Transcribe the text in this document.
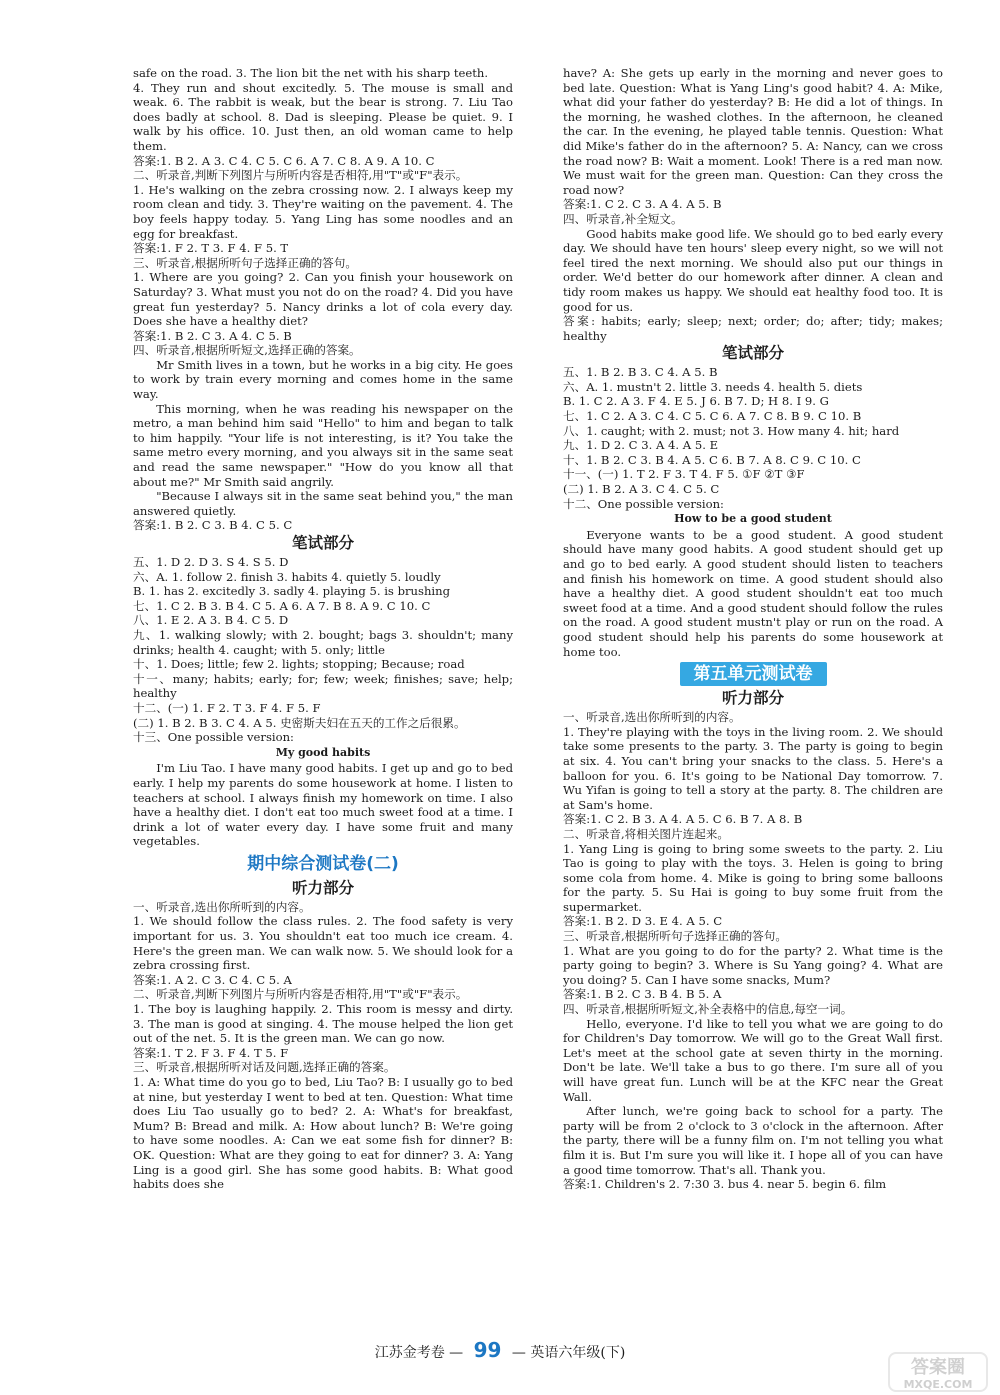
safe on the road. 3. The lion bit the net with his sharp teeth.
4. They run and shout excitedly. 5. The mouse is small and weak. 6. The rabbit is weak, but the bear is strong. 7. Liu Tao does badly at school. 8. Dad is sleeping. Please be quiet. 9. I walk by his office. 10. Just then, an old woman came to help them.
答案:1. B 2. A 3. C 4. C 5. C 6. A 7. C 8. A 9. A 10. C
二、听录音,判断下列图片与所听内容是否相符,用"T"或"F"表示。
1. He's walking on the zebra crossing now. 2. I always keep my room clean and tidy. 3. They're waiting on the pavement. 4. The boy feels happy today. 5. Yang Ling has some noodles and an egg for breakfast.
答案:1. F 2. T 3. F 4. F 5. T
三、听录音,根据所听句子选择正确的答句。
1. Where are you going? 2. Can you finish your housework on Saturday? 3. What must you not do on the road? 4. Did you have great fun yesterday? 5. Nancy drinks a lot of cola every day. Does she have a healthy diet?
答案:1. B 2. C 3. A 4. C 5. B
四、听录音,根据所听短文,选择正确的答案。
Mr Smith lives in a town, but he works in a big city. He goes to work by train every morning and comes home in the same way.
This morning, when he was reading his newspaper on the metro, a man behind him said "Hello" to him and began to talk to him happily. "Your life is not interesting, is it? You take the same metro every morning, and you always sit in the same seat and read the same newspaper." "How do you know all that about me?" Mr Smith said angrily.
"Because I always sit in the same seat behind you," the man answered quietly.
答案:1. B 2. C 3. B 4. C 5. C
笔试部分
五、1. D 2. D 3. S 4. S 5. D
六、A. 1. follow 2. finish 3. habits 4. quietly 5. loudly
B. 1. has 2. excitedly 3. sadly 4. playing 5. is brushing
七、1. C 2. B 3. B 4. C 5. A 6. A 7. B 8. A 9. C 10. C
八、1. E 2. A 3. B 4. C 5. D
九、1. walking slowly; with 2. bought; bags 3. shouldn't; many drinks; health 4. caught; with 5. only; little
十、1. Does; little; few 2. lights; stopping; Because; road
十一、many; habits; early; for; few; week; finishes; save; help; healthy
十二、(一) 1. F 2. T 3. F 4. F 5. F
(二) 1. B 2. B 3. C 4. A 5. 史密斯夫妇在五天的工作之后很累。
十三、One possible version:
My good habits
I'm Liu Tao. I have many good habits. I get up and go to bed early. I help my parents do some housework at home. I listen to teachers at school. I always finish my homework on time. I also have a healthy diet. I don't eat too much sweet food at a time. I drink a lot of water every day. I have some fruit and many vegetables.
期中综合测试卷(二)
听力部分
一、听录音,选出你所听到的内容。
1. We should follow the class rules. 2. The food safety is very important for us. 3. You shouldn't eat too much ice cream. 4. Here's the green man. We can walk now. 5. We should look for a zebra crossing first.
答案:1. A 2. C 3. C 4. C 5. A
二、听录音,判断下列图片与所听内容是否相符,用"T"或"F"表示。
1. The boy is laughing happily. 2. This room is messy and dirty. 3. The man is good at singing. 4. The mouse helped the lion get out of the net. 5. It is the green man. We can go now.
答案:1. T 2. F 3. F 4. T 5. F
三、听录音,根据所听对话及问题,选择正确的答案。
1. A: What time do you go to bed, Liu Tao? B: I usually go to bed at nine, but yesterday I went to bed at ten. Question: What time does Liu Tao usually go to bed? 2. A: What's for breakfast, Mum? B: Bread and milk. A: How about lunch? B: We're going to have some noodles. A: Can we eat some fish for dinner? B: OK. Question: What are they going to eat for dinner? 3. A: Yang Ling is a good girl. She has some good habits. B: What good habits does she
have? A: She gets up early in the morning and never goes to bed late. Question: What is Yang Ling's good habit? 4. A: Mike, what did your father do yesterday? B: He did a lot of things. In the morning, he washed clothes. In the afternoon, he cleaned the car. In the evening, he played table tennis. Question: What did Mike's father do in the afternoon? 5. A: Nancy, can we cross the road now? B: Wait a moment. Look! There is a red man now. We must wait for the green man. Question: Can they cross the road now?
答案:1. C 2. C 3. A 4. A 5. B
四、听录音,补全短文。
Good habits make good life. We should go to bed early every day. We should have ten hours' sleep every night, so we will not feel tired the next morning. We should also put our things in order. We'd better do our homework after dinner. A clean and tidy room makes us happy. We should eat healthy food too. It is good for us.
答案: habits; early; sleep; next; order; do; after; tidy; makes; healthy
笔试部分
五、1. B 2. B 3. C 4. A 5. B
六、A. 1. mustn't 2. little 3. needs 4. health 5. diets
B. 1. C 2. A 3. F 4. E 5. J 6. B 7. D; H 8. I 9. G
七、1. C 2. A 3. C 4. C 5. C 6. A 7. C 8. B 9. C 10. B
八、1. caught; with 2. must; not 3. How many 4. hit; hard
九、1. D 2. C 3. A 4. A 5. E
十、1. B 2. C 3. B 4. A 5. C 6. B 7. A 8. C 9. C 10. C
十一、(一) 1. T 2. F 3. T 4. F 5. ①F ②T ③F
(二) 1. B 2. A 3. C 4. C 5. C
十二、One possible version:
How to be a good student
Everyone wants to be a good student. A good student should have many good habits. A good student should get up and go to bed early. A good student should listen to teachers and finish his homework on time. A good student should also have a healthy diet. A good student shouldn't eat too much sweet food at a time. And a good student should follow the rules on the road. A good student mustn't play or run on the road. A good student should help his parents do some housework at home too.
第五单元测试卷
听力部分
一、听录音,选出你所听到的内容。
1. They're playing with the toys in the living room. 2. We should take some presents to the party. 3. The party is going to begin at six. 4. You can't bring your snacks to the class. 5. Here's a balloon for you. 6. It's going to be National Day tomorrow. 7. Wu Yifan is going to tell a story at the party. 8. The children are at Sam's home.
答案:1. C 2. B 3. A 4. A 5. C 6. B 7. A 8. B
二、听录音,将相关图片连起来。
1. Yang Ling is going to bring some sweets to the party. 2. Liu Tao is going to play with the toys. 3. Helen is going to bring some cola from home. 4. Mike is going to bring some balloons for the party. 5. Su Hai is going to buy some fruit from the supermarket.
答案:1. B 2. D 3. E 4. A 5. C
三、听录音,根据所听句子选择正确的答句。
1. What are you going to do for the party? 2. What time is the party going to begin? 3. Where is Su Yang going? 4. What are you doing? 5. Can I have some snacks, Mum?
答案:1. B 2. C 3. B 4. B 5. A
四、听录音,根据所听短文,补全表格中的信息,每空一词。
Hello, everyone. I'd like to tell you what we are going to do for Children's Day tomorrow. We will go to the Great Wall first. Let's meet at the school gate at seven thirty in the morning. Don't be late. We'll take a bus to go there. I'm sure all of you will have great fun. Lunch will be at the KFC near the Great Wall.
After lunch, we're going back to school for a party. The party will be from 2 o'clock to 3 o'clock in the afternoon. After the party, there will be a funny film on. I'm not telling you what film it is. But I'm sure you will like it. I hope all of you can have a good time tomorrow. That's all. Thank you.
答案:1. Children's 2. 7:30 3. bus 4. near 5. begin 6. film
江苏金考卷 — 99 — 英语六年级(下)
答案圈
MXQE.COM
